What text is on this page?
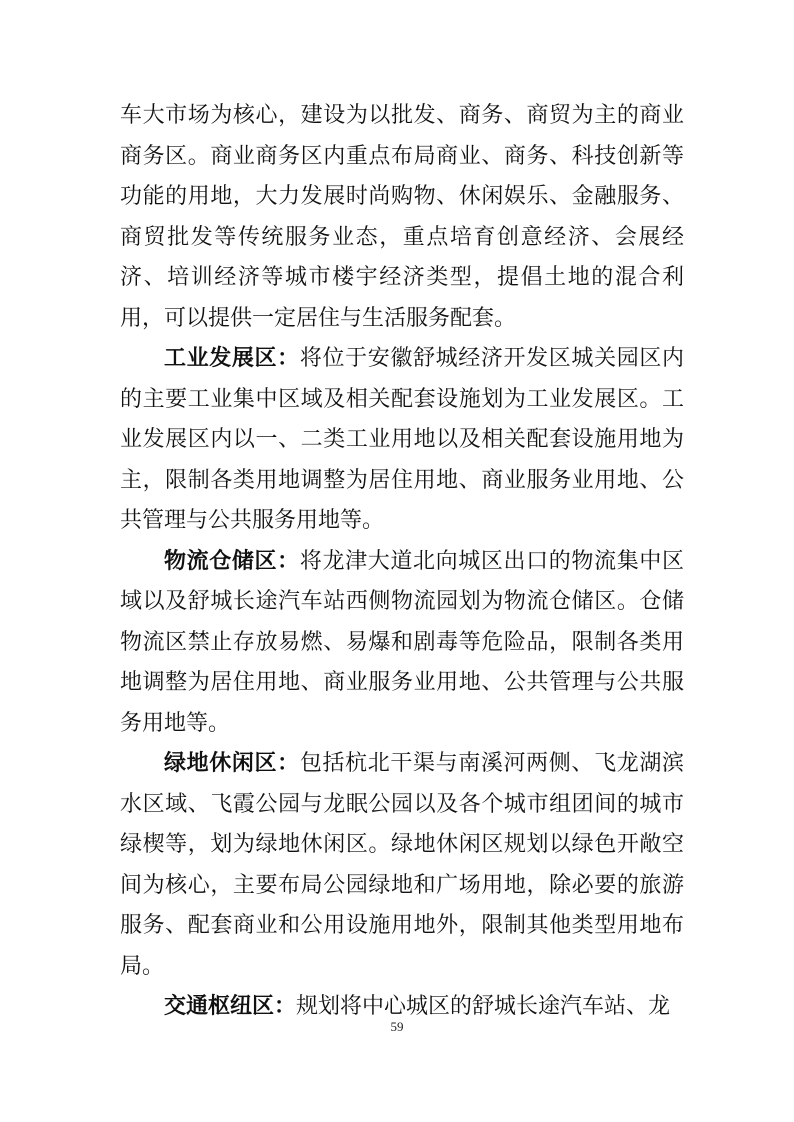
车大市场为核心，建设为以批发、商务、商贸为主的商业商务区。商业商务区内重点布局商业、商务、科技创新等功能的用地，大力发展时尚购物、休闲娱乐、金融服务、商贸批发等传统服务业态，重点培育创意经济、会展经济、培训经济等城市楼宇经济类型，提倡土地的混合利用，可以提供一定居住与生活服务配套。

工业发展区：将位于安徽舒城经济开发区城关园区内的主要工业集中区域及相关配套设施划为工业发展区。工业发展区内以一、二类工业用地以及相关配套设施用地为主，限制各类用地调整为居住用地、商业服务业用地、公共管理与公共服务用地等。

物流仓储区：将龙津大道北向城区出口的物流集中区域以及舒城长途汽车站西侧物流园划为物流仓储区。仓储物流区禁止存放易燃、易爆和剧毒等危险品，限制各类用地调整为居住用地、商业服务业用地、公共管理与公共服务用地等。

绿地休闲区：包括杭北干渠与南溪河两侧、飞龙湖滨水区域、飞霞公园与龙眠公园以及各个城市组团间的城市绿楔等，划为绿地休闲区。绿地休闲区规划以绿色开敞空间为核心，主要布局公园绿地和广场用地，除必要的旅游服务、配套商业和公用设施用地外，限制其他类型用地布局。

交通枢纽区：规划将中心城区的舒城长途汽车站、龙

59
